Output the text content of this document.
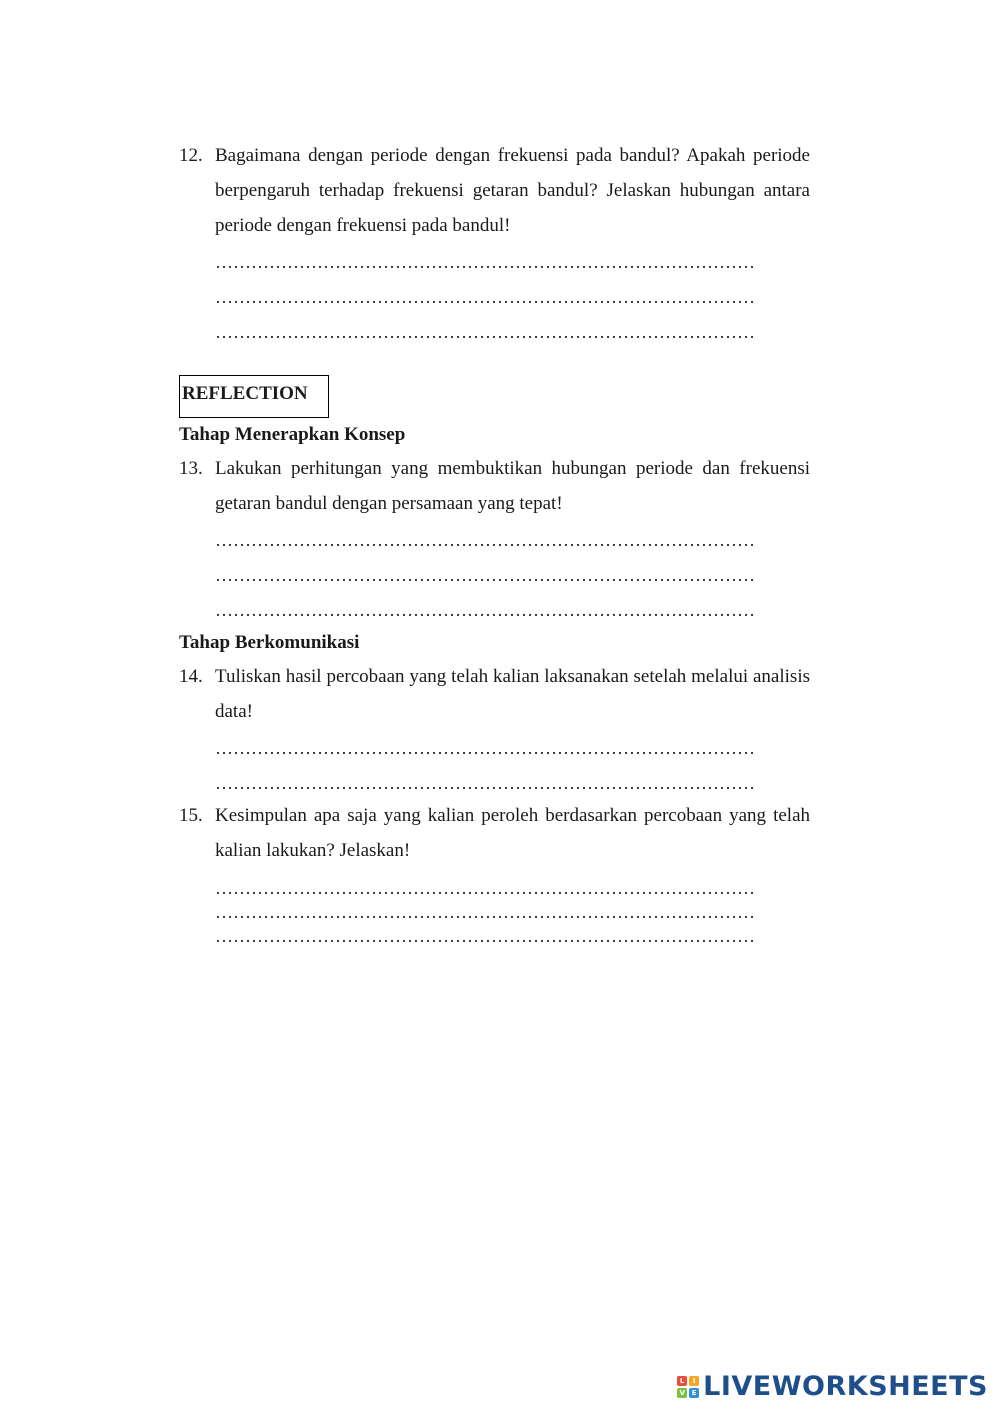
12. Bagaimana dengan periode dengan frekuensi pada bandul? Apakah periode berpengaruh terhadap frekuensi getaran bandul? Jelaskan hubungan antara periode dengan frekuensi pada bandul!
………………………………………………………………………………
………………………………………………………………………………
………………………………………………………………………………
REFLECTION
Tahap Menerapkan Konsep
13. Lakukan perhitungan yang membuktikan hubungan periode dan frekuensi getaran bandul dengan persamaan yang tepat!
………………………………………………………………………………
………………………………………………………………………………
………………………………………………………………………………
Tahap Berkomunikasi
14. Tuliskan hasil percobaan yang telah kalian laksanakan setelah melalui analisis data!
………………………………………………………………………………
………………………………………………………………………………
15. Kesimpulan apa saja yang kalian peroleh berdasarkan percobaan yang telah kalian lakukan? Jelaskan!
………………………………………………………………………………
………………………………………………………………………………
………………………………………………………………………………
L	I
V E LIVEWORKSHEETS
